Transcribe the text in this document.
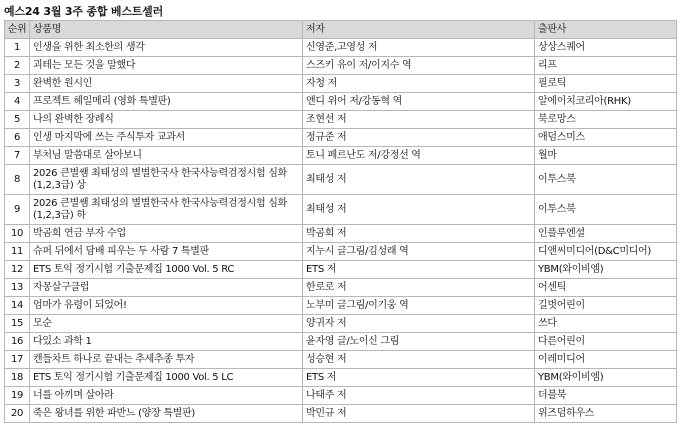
예스24 3월 3주 종합 베스트셀러
순위	상품명	저자	출판사
1	인생을 위한 최소한의 생각	신영준,고영성 저	상상스퀘어
2	괴테는 모든 것을 말했다	스즈키 유이 저/이지수 역	리프
3	완벽한 원시인	자청 저	필로틱
4	프로젝트 헤일메리 (영화 특별판)	앤디 위어 저/강동혁 역	알에이치코리아(RHK)
5	나의 완벽한 장례식	조현선 저	북로망스
6	인생 마지막에 쓰는 주식투자 교과서	정규준 저	애덤스미스
7	부처님 말씀대로 살아보니	토니 페르난도 저/강정선 역	월마
8	2026 큰별쌤 최태성의 별별한국사 한국사능력검정시험 심화(1,2,3급) 상	최태성 저	이투스북
9	2026 큰별쌤 최태성의 별별한국사 한국사능력검정시험 심화(1,2,3급) 하	최태성 저	이투스북
10	박곰희 연금 부자 수업	박곰희 저	인플루엔셜
11	슈퍼 뒤에서 담배 피우는 두 사람 7 특별판	지누시 글그림/김성래 역	디앤씨미디어(D&C미디어)
12	ETS 토익 정기시험 기출문제집 1000 Vol. 5 RC	ETS 저	YBM(와이비엠)
13	자몽살구클럽	한로로 저	어센틱
14	엄마가 유령이 되었어!	노부미 글그림/이기웅 역	길벗어린이
15	모순	양귀자 저	쓰다
16	다있소 과학 1	윤자영 글/노이신 그림	다른어린이
17	캔들차트 하나로 끝내는 추세추종 투자	성승현 저	이레미디어
18	ETS 토익 정기시험 기출문제집 1000 Vol. 5 LC	ETS 저	YBM(와이비엠)
19	너를 아끼며 살아라	나태주 저	더블북
20	죽은 왕녀를 위한 파반느 (양장 특별판)	박민규 저	위즈덤하우스
